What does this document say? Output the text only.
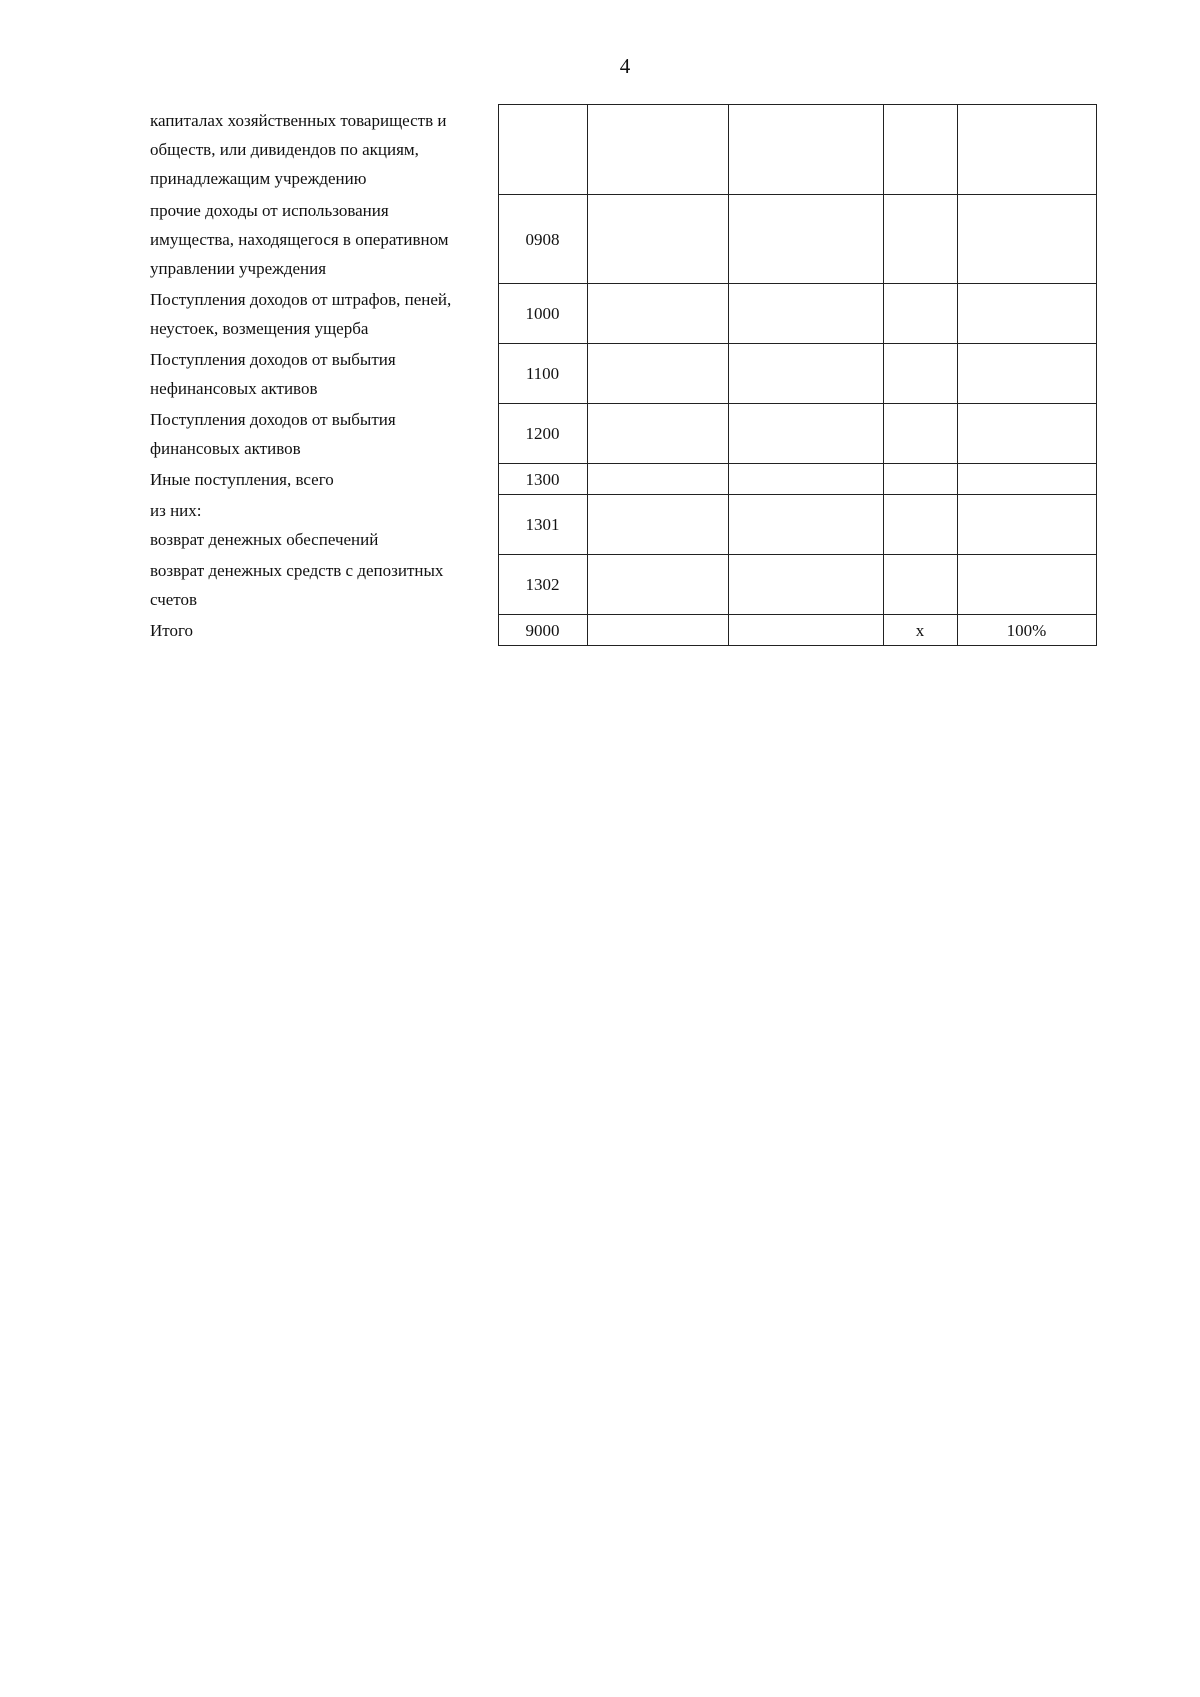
4
капиталах хозяйственных товариществ и
обществ, или дивидендов по акциям,
принадлежащим учреждению					
прочие доходы от использования
имущества, находящегося в оперативном
управлении учреждения	0908				
Поступления доходов от штрафов, пеней,
неустоек, возмещения ущерба	1000				
Поступления доходов от выбытия
нефинансовых активов	1100				
Поступления доходов от выбытия
финансовых активов	1200				
Иные поступления, всего	1300				
из них:
возврат денежных обеспечений	1301				
возврат денежных средств с депозитных
счетов	1302				
Итого	9000			х	100%
